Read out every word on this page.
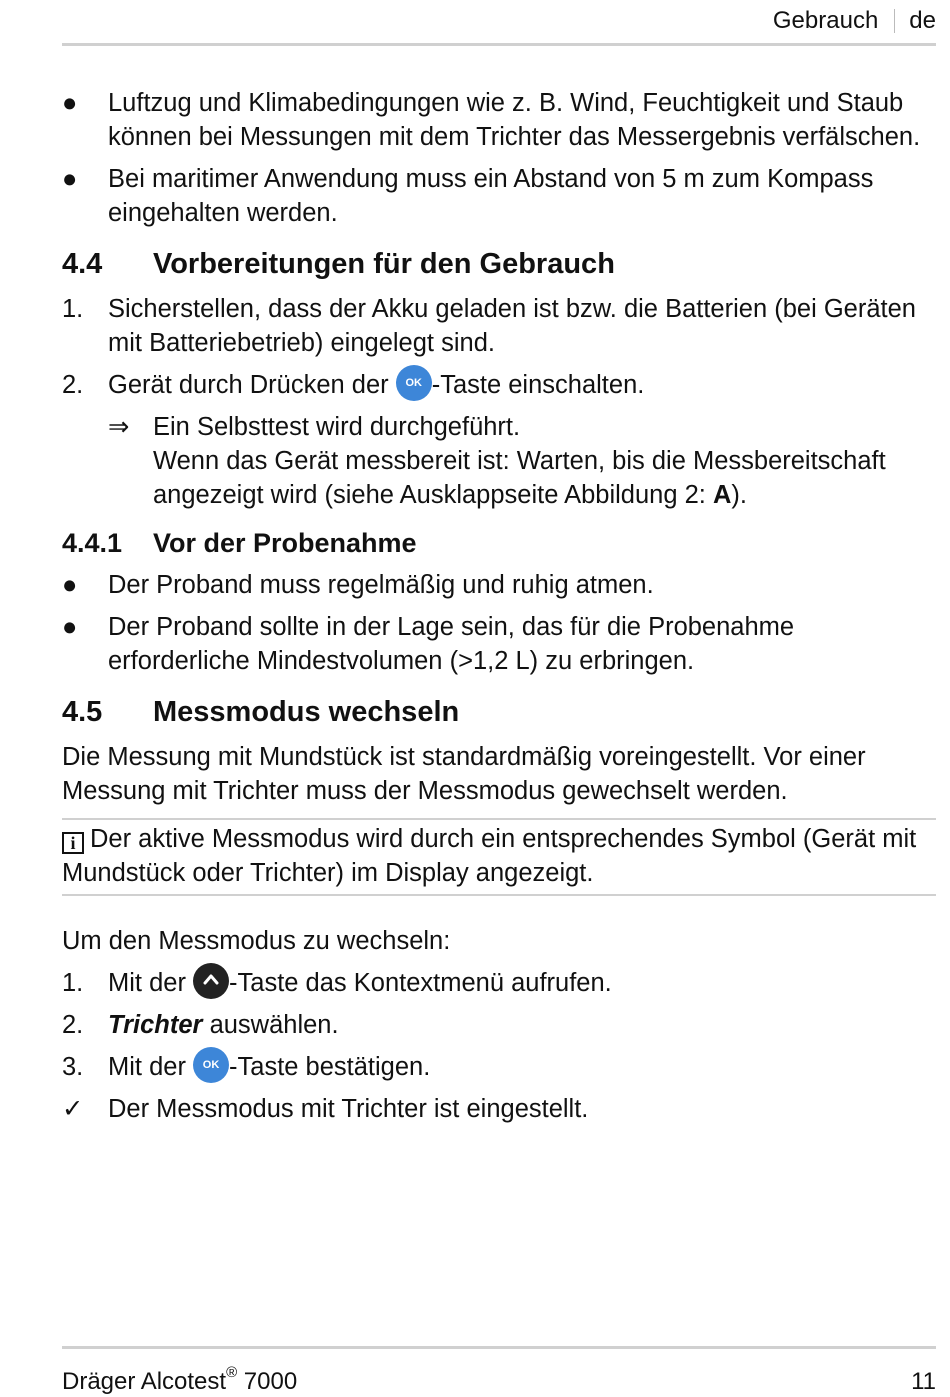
Gebrauch de
●	Luftzug und Klimabedingungen wie z. B. Wind, Feuchtigkeit und Staub können bei Messungen mit dem Trichter das Messergebnis verfälschen.
●	Bei maritimer Anwendung muss ein Abstand von 5 m zum Kompass eingehalten werden.
4.4	Vorbereitungen für den Gebrauch
1. Sicherstellen, dass der Akku geladen ist bzw. die Batterien (bei Geräten mit Batteriebetrieb) eingelegt sind.
2. Gerät durch Drücken der OK -Taste einschalten.
⇒ Ein Selbsttest wird durchgeführt.
Wenn das Gerät messbereit ist: Warten, bis die Messbereitschaft angezeigt wird (siehe Ausklappseite Abbildung 2: A).
4.4.1	Vor der Probenahme
●	Der Proband muss regelmäßig und ruhig atmen.
●	Der Proband sollte in der Lage sein, das für die Probenahme erforderliche Mindestvolumen (>1,2 L) zu erbringen.
4.5	Messmodus wechseln

Die Messung mit Mundstück ist standardmäßig voreingestellt. Vor einer Messung mit Trichter muss der Messmodus gewechselt werden.

i Der aktive Messmodus wird durch ein entsprechendes Symbol (Gerät mit Mundstück oder Trichter) im Display angezeigt.

Um den Messmodus zu wechseln:

1. Mit der
-Taste das Kontextmenü aufrufen.
2. Trichter auswählen.
3. Mit der OK -Taste bestätigen.
✓ Der Messmodus mit Trichter ist eingestellt.
Dräger Alcotest® 7000	11
